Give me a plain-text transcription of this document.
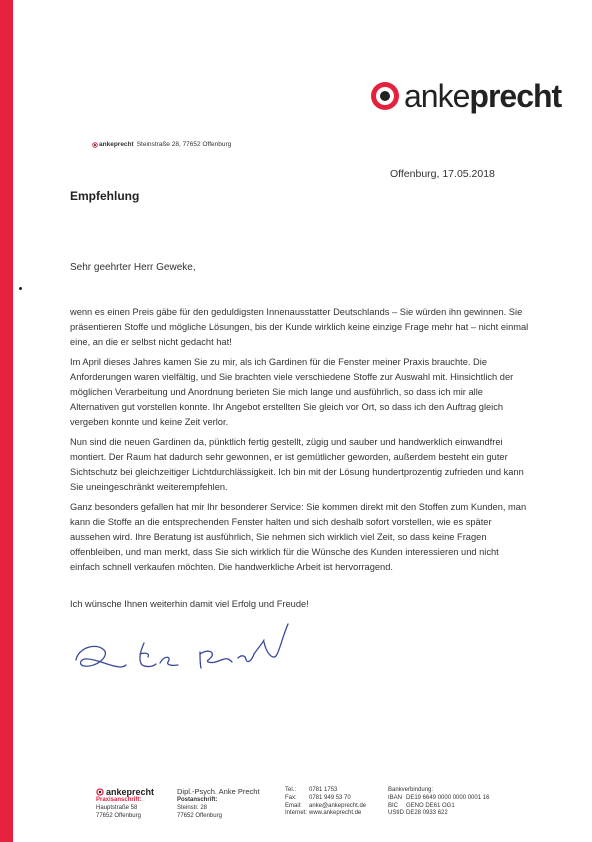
ankeprecht
ankeprecht Steinstraße 28, 77652 Offenburg
Offenburg, 17.05.2018
Empfehlung
Sehr geehrter Herr Geweke,

wenn es einen Preis gäbe für den geduldigsten Innenausstatter Deutschlands – Sie würden ihn gewinnen. Sie präsentieren Stoffe und mögliche Lösungen, bis der Kunde wirklich keine einzige Frage mehr hat – nicht einmal eine, an die er selbst nicht gedacht hat!

Im April dieses Jahres kamen Sie zu mir, als ich Gardinen für die Fenster meiner Praxis brauchte. Die Anforderungen waren vielfältig, und Sie brachten viele verschiedene Stoffe zur Auswahl mit. Hinsichtlich der möglichen Verarbeitung und Anordnung berieten Sie mich lange und ausführlich, so dass ich mir alle Alternativen gut vorstellen konnte. Ihr Angebot erstellten Sie gleich vor Ort, so dass ich den Auftrag gleich vergeben konnte und keine Zeit verlor.

Nun sind die neuen Gardinen da, pünktlich fertig gestellt, zügig und sauber und handwerklich einwandfrei montiert. Der Raum hat dadurch sehr gewonnen, er ist gemütlicher geworden, außerdem besteht ein guter Sichtschutz bei gleichzeitiger Lichtdurchlässigkeit. Ich bin mit der Lösung hundertprozentig zufrieden und kann Sie uneingeschränkt weiterempfehlen.

Ganz besonders gefallen hat mir Ihr besonderer Service: Sie kommen direkt mit den Stoffen zum Kunden, man kann die Stoffe an die entsprechenden Fenster halten und sich deshalb sofort vorstellen, wie es später aussehen wird. Ihre Beratung ist ausführlich, Sie nehmen sich wirklich viel Zeit, so dass keine Fragen offenbleiben, und man merkt, dass Sie sich wirklich für die Wünsche des Kunden interessieren und nicht einfach schnell verkaufen möchten. Die handwerkliche Arbeit ist hervorragend.

Ich wünsche Ihnen weiterhin damit viel Erfolg und Freude!

ankeprecht
Praxisanschrift:
Hauptstraße 58
77652 Offenburg
Dipl.-Psych. Anke Precht
Postanschrift:
Steinstr. 28
77652 Offenburg
Tel.:	0781 1753
Fax:	0781 949 53 70
Email:	anke@ankeprecht.de
Internet: www.ankeprecht.de
Bankverbindung:
IBAN DE19 6649 0000 0000 0001 16
BIC	GENO DE61 OG1
UStID DE28 0933 622
